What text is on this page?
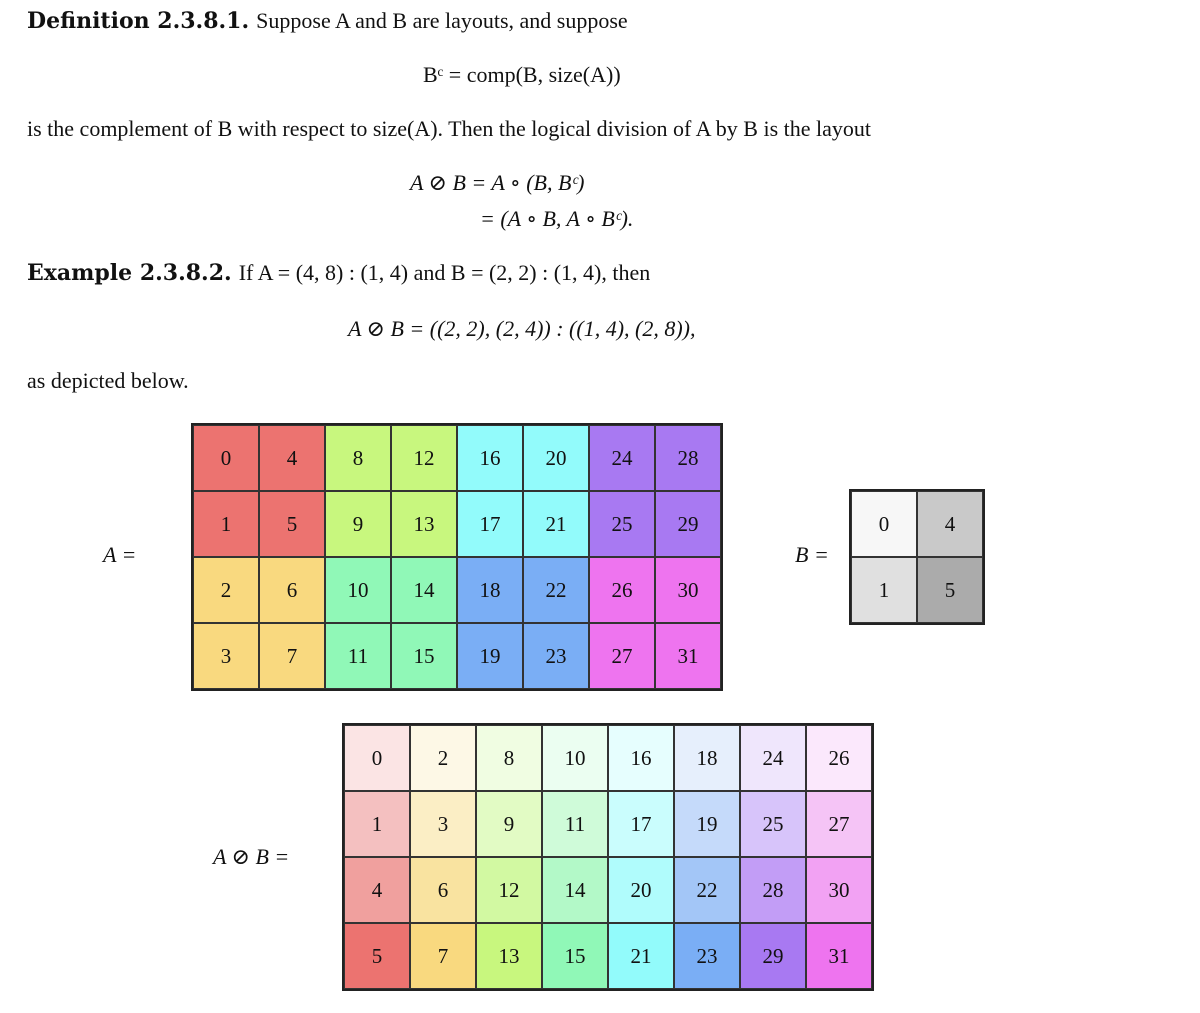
Definition 2.3.8.1. Suppose A and B are layouts, and suppose
Bᶜ = comp(B, size(A))
is the complement of B with respect to size(A). Then the logical division of A by B is the layout
A ⊘ B = A ∘ (B, Bᶜ)
= (A ∘ B, A ∘ Bᶜ).
Example 2.3.8.2. If A = (4, 8) : (1, 4) and B = (2, 2) : (1, 4), then
A ⊘ B = ((2, 2), (2, 4)) : ((1, 4), (2, 8)),
as depicted below.
A =	B =
A ⊘ B =
0	4	8	12	16	20	24	28
1	5	9	13	17	21	25	29
2	6	10	14	18	22	26	30
3	7	11	15	19	23	27	31
0	4
1	5
0	2	8	10	16	18	24	26
1	3	9	11	17	19	25	27
4	6	12	14	20	22	28	30
5	7	13	15	21	23	29	31
